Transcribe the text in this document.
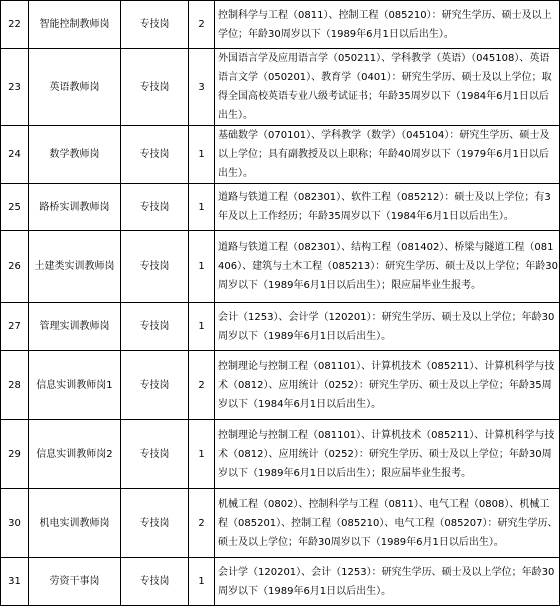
22	智能控制教师岗	专技岗	2	控制科学与工程（0811）、控制工程（085210）：研究生学历、硕士及以上学位；年龄30周岁以下（1989年6月1日以后出生）。
23	英语教师岗	专技岗	3	外国语言学及应用语言学（050211）、学科教学（英语）（045108）、英语语言文学（050201）、教育学（0401）：研究生学历、硕士及以上学位；取得全国高校英语专业八级考试证书；年龄35周岁以下（1984年6月1日以后出生）。
24	数学教师岗	专技岗	1	基础数学（070101）、学科教学（数学）（045104）：研究生学历、硕士及以上学位；具有副教授及以上职称；年龄40周岁以下（1979年6月1日以后出生）。
25	路桥实训教师岗	专技岗	1	道路与铁道工程（082301）、软件工程（085212）：硕士及以上学位；有3年及以上工作经历；年龄35周岁以下（1984年6月1日以后出生）。
26	土建类实训教师岗	专技岗	1	道路与铁道工程（082301）、结构工程（081402）、桥梁与隧道工程（081406）、建筑与土木工程（085213）：研究生学历、硕士及以上学位；年龄30周岁以下（1989年6月1日以后出生）；限应届毕业生报考。
27	管理实训教师岗	专技岗	1	会计（1253）、会计学（120201）：研究生学历、硕士及以上学位；年龄30周岁以下（1989年6月1日以后出生）。
28	信息实训教师岗1	专技岗	2	控制理论与控制工程（081101）、计算机技术（085211）、计算机科学与技术（0812）、应用统计（0252）：研究生学历、硕士及以上学位；年龄35周岁以下（1984年6月1日以后出生）。
29	信息实训教师岗2	专技岗	1	控制理论与控制工程（081101）、计算机技术（085211）、计算机科学与技术（0812）、应用统计（0252）：研究生学历、硕士及以上学位；年龄30周岁以下（1989年6月1日以后出生）；限应届毕业生报考。
30	机电实训教师岗	专技岗	2	机械工程（0802）、控制科学与工程（0811）、电气工程（0808）、机械工程（085201）、控制工程（085210）、电气工程（085207）：研究生学历、硕士及以上学位；年龄30周岁以下（1989年6月1日以后出生）。
31	劳资干事岗	专技岗	1	会计学（120201）、会计（1253）：研究生学历、硕士及以上学位；年龄30周岁以下（1989年6月1日以后出生）。
